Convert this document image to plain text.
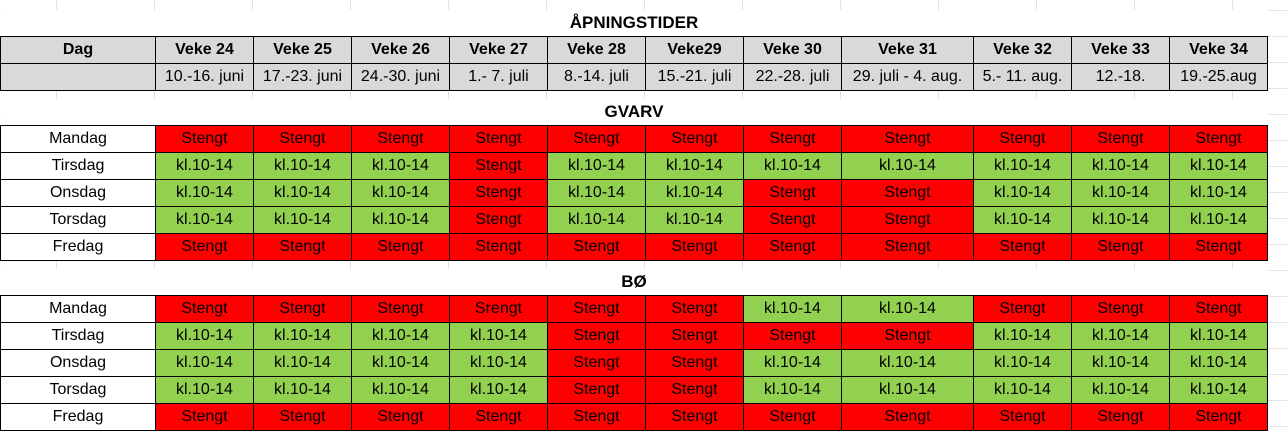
ÅPNINGSTIDER											
Dag	Veke 24	Veke 25	Veke 26	Veke 27	Veke 28	Veke29	Veke 30	Veke 31	Veke 32	Veke 33	Veke 34
	10.-16. juni	17.-23. juni	24.-30. juni	1.- 7. juli	8.-14. juli	15.-21. juli	22.-28. juli	29. juli - 4. aug.	5.- 11. aug.	12.-18.	19.-25.aug

GVARV											
Mandag	Stengt	Stengt	Stengt	Stengt	Stengt	Stengt	Stengt	Stengt	Stengt	Stengt	Stengt
Tirsdag	kl.10-14	kl.10-14	kl.10-14	Stengt	kl.10-14	kl.10-14	kl.10-14	kl.10-14	kl.10-14	kl.10-14	kl.10-14
Onsdag	kl.10-14	kl.10-14	kl.10-14	Stengt	kl.10-14	kl.10-14	Stengt	Stengt	kl.10-14	kl.10-14	kl.10-14
Torsdag	kl.10-14	kl.10-14	kl.10-14	Stengt	kl.10-14	kl.10-14	Stengt	Stengt	kl.10-14	kl.10-14	kl.10-14
Fredag	Stengt	Stengt	Stengt	Stengt	Stengt	Stengt	Stengt	Stengt	Stengt	Stengt	Stengt

BØ											
Mandag	Stengt	Stengt	Stengt	Srengt	Stengt	Stengt	kl.10-14	kl.10-14	Stengt	Stengt	Stengt
Tirsdag	kl.10-14	kl.10-14	kl.10-14	kl.10-14	Stengt	Stengt	Stengt	Stengt	kl.10-14	kl.10-14	kl.10-14
Onsdag	kl.10-14	kl.10-14	kl.10-14	kl.10-14	Stengt	Stengt	kl.10-14	kl.10-14	kl.10-14	kl.10-14	kl.10-14
Torsdag	kl.10-14	kl.10-14	kl.10-14	kl.10-14	Stengt	Stengt	kl.10-14	kl.10-14	kl.10-14	kl.10-14	kl.10-14
Fredag	Stengt	Stengt	Stengt	Stengt	Stengt	Stengt	Stengt	Stengt	Stengt	Stengt	Stengt
